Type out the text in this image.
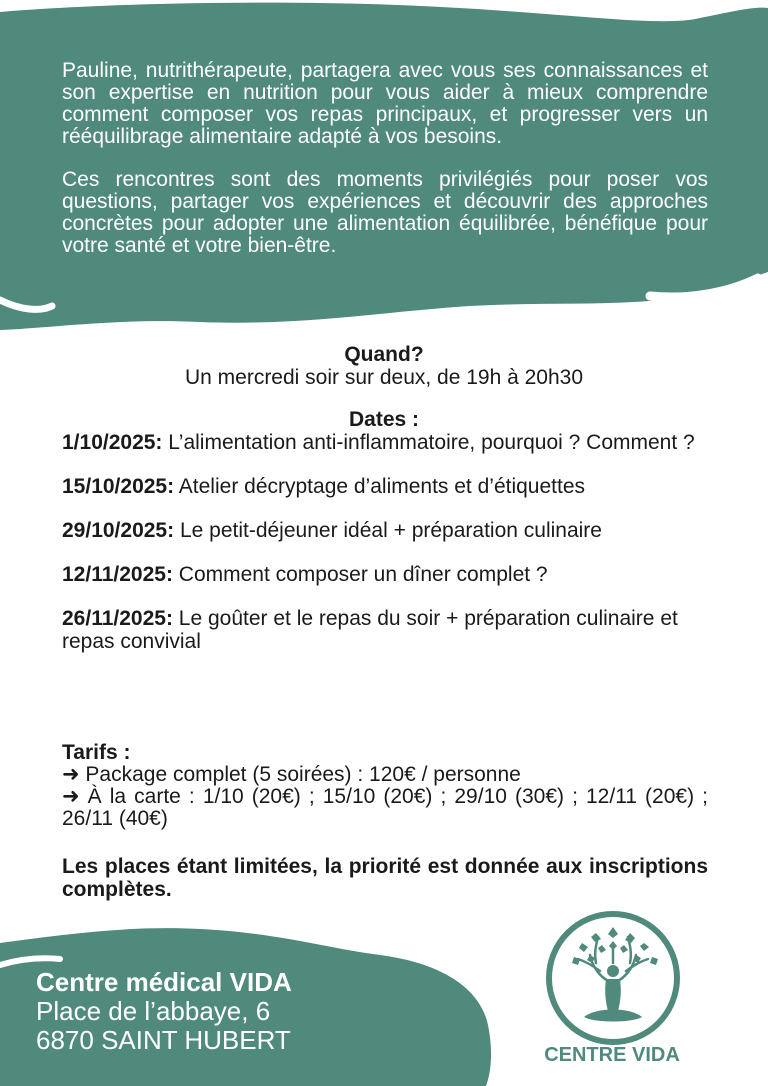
Pauline, nutrithérapeute, partagera avec vous ses connaissances et son expertise en nutrition pour vous aider à mieux comprendre comment composer vos repas principaux, et progresser vers un rééquilibrage alimentaire adapté à vos besoins.

Ces rencontres sont des moments privilégiés pour poser vos questions, partager vos expériences et découvrir des approches concrètes pour adopter une alimentation équilibrée, bénéfique pour votre santé et votre bien-être.

Quand?
Un mercredi soir sur deux, de 19h à 20h30
Dates :
1/10/2025: L’alimentation anti-inflammatoire, pourquoi ? Comment ?
15/10/2025: Atelier décryptage d’aliments et d’étiquettes
29/10/2025: Le petit-déjeuner idéal + préparation culinaire
12/11/2025: Comment composer un dîner complet ?
26/11/2025: Le goûter et le repas du soir + préparation culinaire et repas convivial
Tarifs :
➜ Package complet (5 soirées) : 120€ / personne
➜ À la carte : 1/10 (20€) ; 15/10 (20€) ; 29/10 (30€) ; 12/11 (20€) ; 26/11 (40€)
Les places étant limitées, la priorité est donnée aux inscriptions complètes.
Centre médical VIDA
Place de l’abbaye, 6
6870 SAINT HUBERT	CENTRE VIDA
